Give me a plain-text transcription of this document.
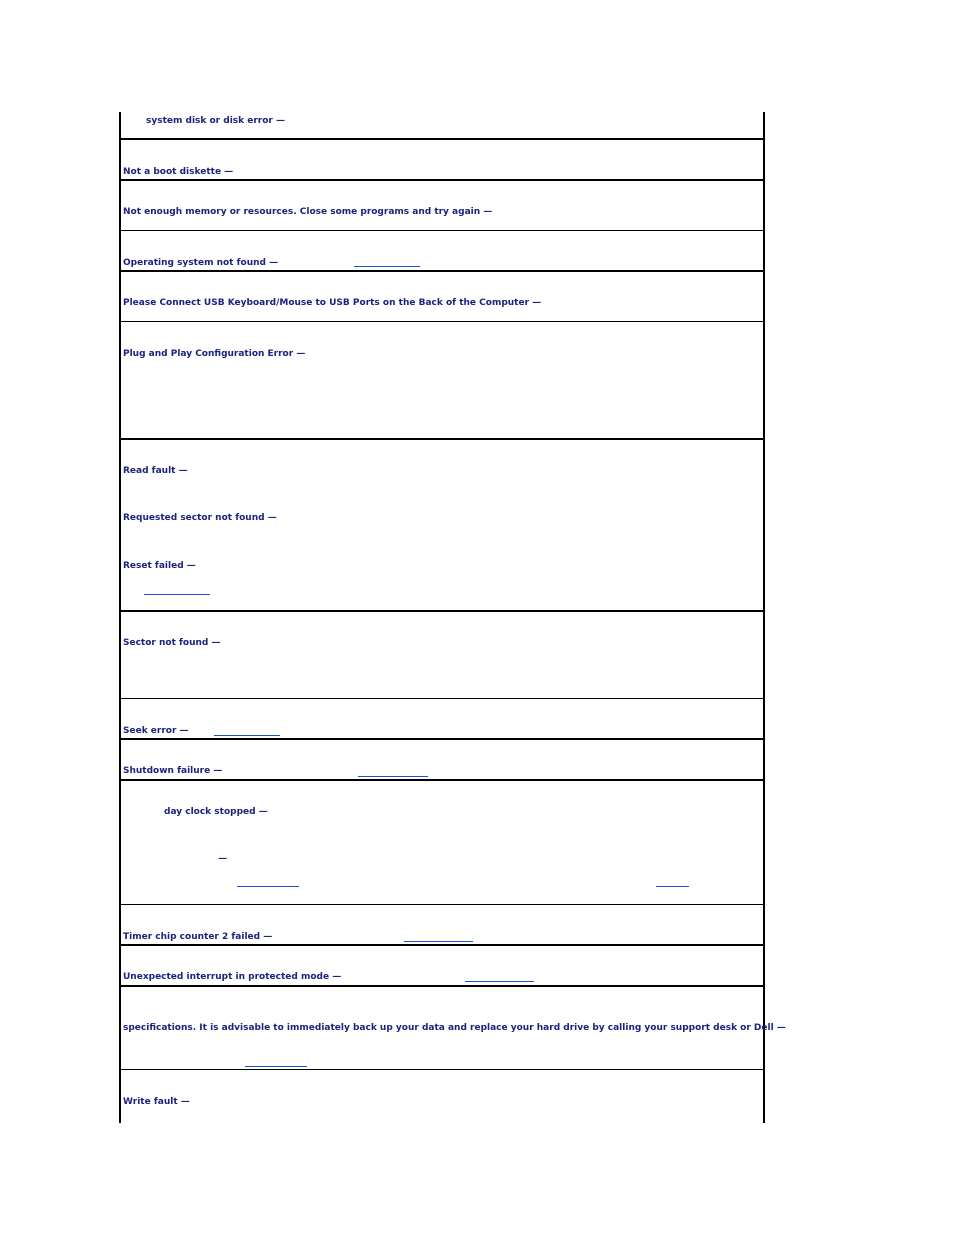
system disk or disk error —
Not a boot diskette —
Not enough memory or resources. Close some programs and try again —
Operating system not found —
Please Connect USB Keyboard/Mouse to USB Ports on the Back of the Computer —
Plug and Play Configuration Error —
Read fault —
Requested sector not found —
Reset failed —
Sector not found —
Seek error —
Shutdown failure —
day clock stopped —
—
Timer chip counter 2 failed —
Unexpected interrupt in protected mode —
specifications. It is advisable to immediately back up your data and replace your hard drive by calling your support desk or Dell —
Write fault —
